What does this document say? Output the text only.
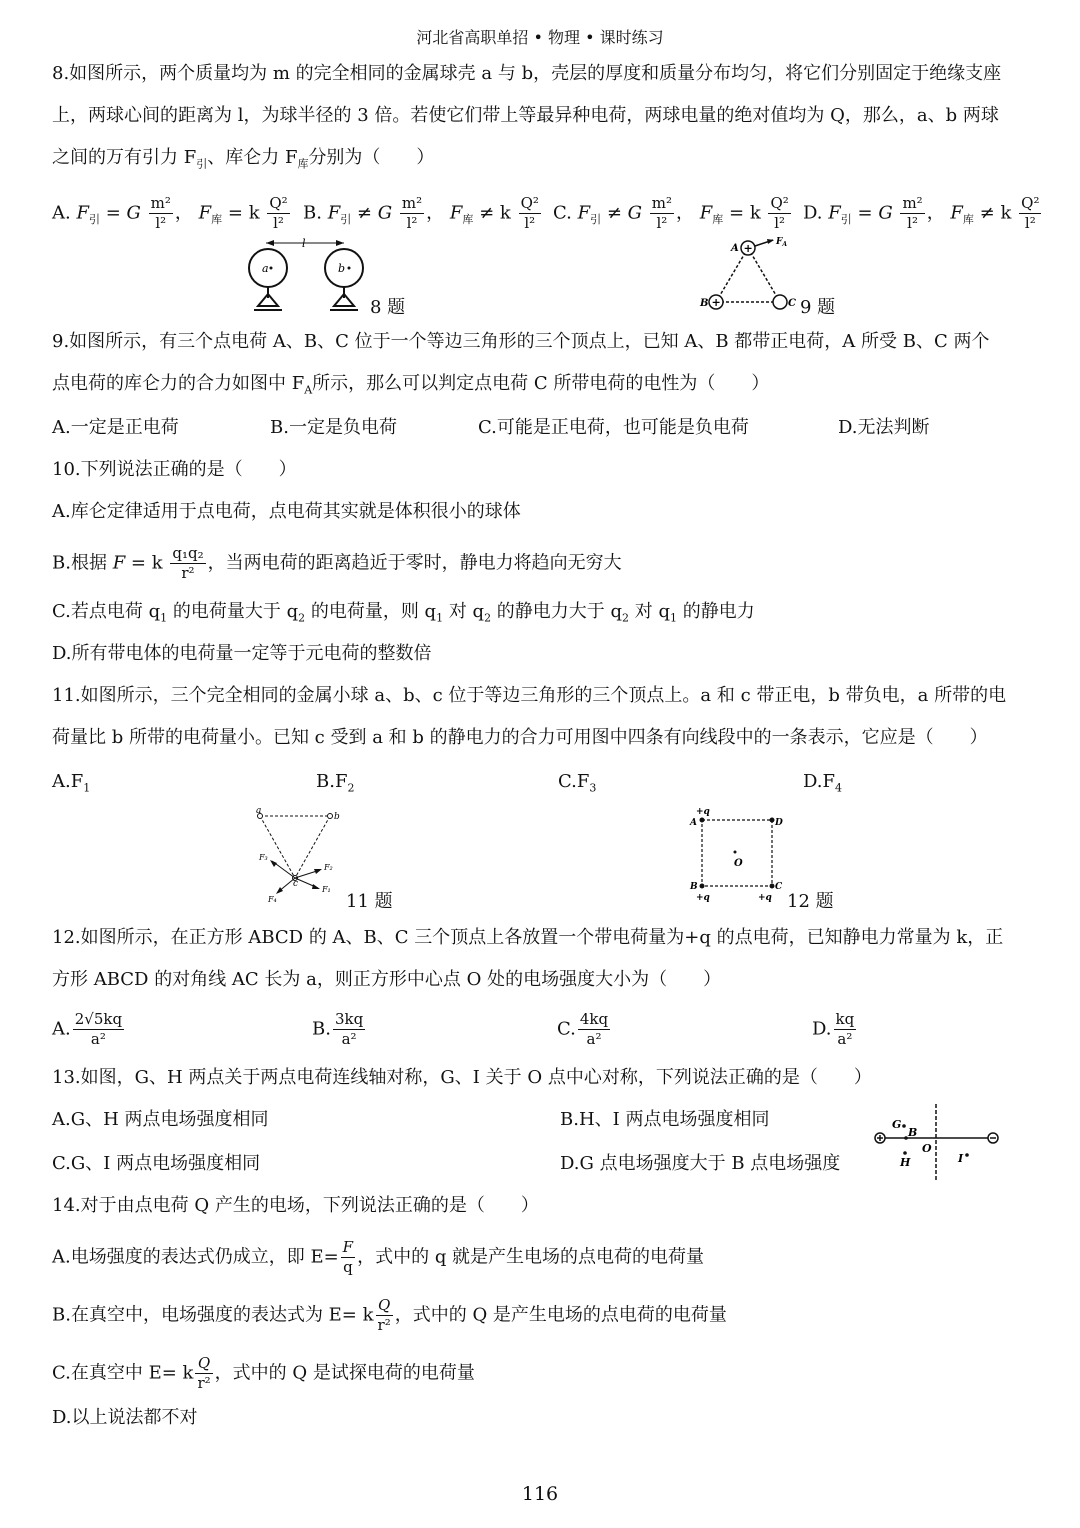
河北省高职单招 • 物理 • 课时练习
8.如图所示，两个质量均为 m 的完全相同的金属球壳 a 与 b，壳层的厚度和质量分布均匀，将它们分别固定于绝缘支座
上，两球心间的距离为 l，为球半径的 3 倍。若使它们带上等最异种电荷，两球电量的绝对值均为 Q，那么，a、b 两球
之间的万有引力 $F_引$、库仑力 $F_库$分别为（　　）
A. $F_引 = G \frac{\text{m²}}{\text{l²}}$ ， $F_库 = k \frac{\text{Q²}}{\text{l²}} B$. $F_引 \ne G \frac{\text{m²}}{\text{l²}}$ ， $F_库 \ne k \frac{\text{Q²}}{\text{l²}} C$. $F_引 \ne G \frac{\text{m²}}{\text{l²}}$ ， $F_库 = k \frac{\text{Q²}}{\text{l²}} D$. $F_引 = G \frac{\text{m²}}{\text{l²}}$ ， $F_库 \ne k \frac{\text{Q²}}{\text{l²}}$
l
a	b
8 题
+
+
A
B	C
$F_A$
9 题
9.如图所示，有三个点电荷 A、B、C 位于一个等边三角形的三个顶点上，已知 A、B 都带正电荷，A 所受 B、C 两个
点电荷的库仑力的合力如图中 $F_A$所示，那么可以判定点电荷 C 所带电荷的电性为（　　）
A.一定是正电荷	B.一定是负电荷	C.可能是正电荷，也可能是负电荷	D.无法判断
10.下列说法正确的是（　　）
A.库仑定律适用于点电荷，点电荷其实就是体积很小的球体
B.根据 F = k $\frac{\text{q₁q₂}}{\text{r²}}$ ，当两电荷的距离趋近于零时，静电力将趋向无穷大
C.若点电荷 $q_1$ 的电荷量大于 $q_2$ 的电荷量，则 $q_1$ 对 $q_2$ 的静电力大于 $q_2$ 对 $q_1$ 的静电力
D.所有带电体的电荷量一定等于元电荷的整数倍
11.如图所示，三个完全相同的金属小球 a、b、c 位于等边三角形的三个顶点上。a 和 c 带正电，b 带负电，a 所带的电
荷量比 b 所带的电荷量小。已知 c 受到 a 和 b 的静电力的合力可用图中四条有向线段中的一条表示，它应是（　　）
$A.F_1$	$B.F_2$	$C.F_3$	$D.F_4$
a
b
c
F₁
F₂
F₃
F₄	11 题
+q
A	D
B
+q
C
+q
O
12 题
12.如图所示，在正方形 ABCD 的 A、B、C 三个顶点上各放置一个带电荷量为+q 的点电荷，已知静电力常量为 k，正
方形 ABCD 的对角线 AC 长为 a，则正方形中心点 O 处的电场强度大小为（　　）
A. $\frac{2√5kq}{\text{a²}}$	B. $\frac{3kq}{\text{a²}}$	C. $\frac{4kq}{\text{a²}}$	D. $\frac{kq}{\text{a²}}$
13.如图，G、H 两点关于两点电荷连线轴对称，G、I 关于 O 点中心对称，下列说法正确的是（　　）
A.G、H 两点电场强度相同	B.H、I 两点电场强度相同
C.G、I 两点电场强度相同	D.G 点电场强度大于 B 点电场强度
G
B
O
H	I
14.对于由点电荷 Q 产生的电场，下列说法正确的是（　　）
A.电场强度的表达式仍成立，即 $E= \frac{F}{q}$ ，式中的 q 就是产生电场的点电荷的电荷量
B.在真空中，电场强度的表达式为 E= k $\frac{Q}{\text{r²}}$ ，式中的 Q 是产生电场的点电荷的电荷量
C.在真空中 E= k $\frac{Q}{\text{r²}}$ ，式中的 Q 是试探电荷的电荷量
D.以上说法都不对
116
